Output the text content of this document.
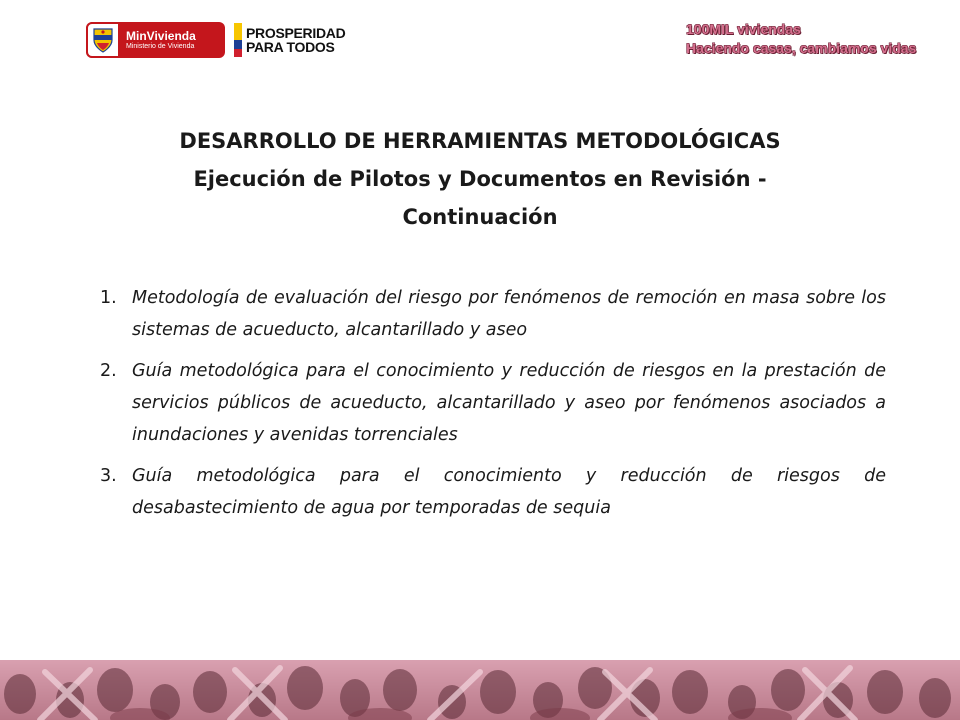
MinVivienda
Ministerio de Vivienda
PROSPERIDAD
PARA TODOS
100MIL viviendas
Haciendo casas, cambiamos vidas
DESARROLLO DE HERRAMIENTAS METODOLÓGICAS
Ejecución de Pilotos y Documentos en Revisión -
Continuación
1. Metodología de evaluación del riesgo por fenómenos de remoción en masa sobre los sistemas de acueducto, alcantarillado y aseo
2. Guía metodológica para el conocimiento y reducción de riesgos en la prestación de servicios públicos de acueducto, alcantarillado y aseo por fenómenos asociados a inundaciones y avenidas torrenciales
3. Guía metodológica para el conocimiento y reducción de riesgos de desabastecimiento de agua por temporadas de sequia
